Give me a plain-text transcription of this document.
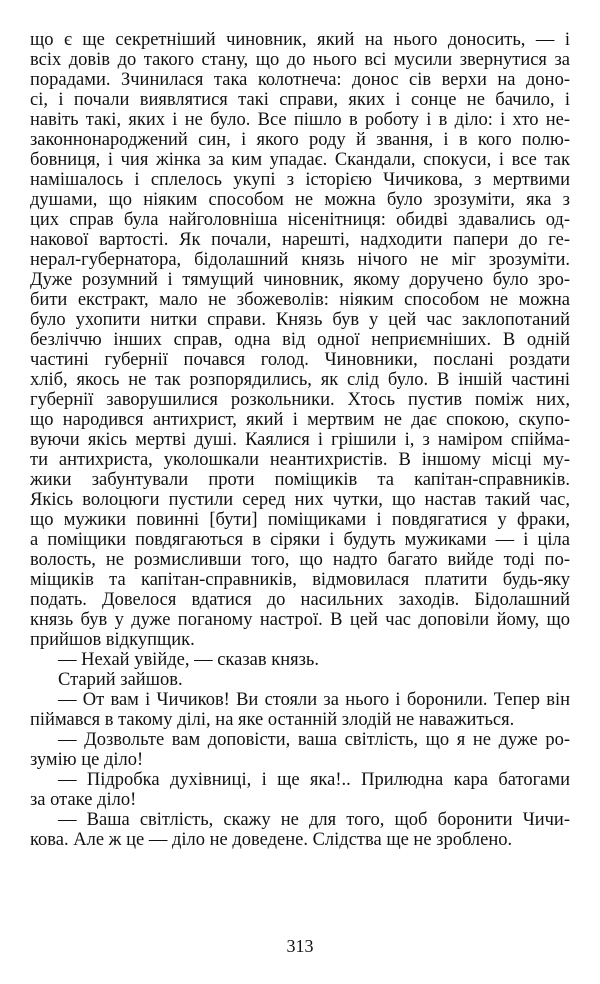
що є ще секретніший чиновник, який на нього доносить, — і
всіх довів до такого стану, що до нього всі мусили звернутися за
порадами. Зчинилася така колотнеча: донос сів верхи на доно-
сі, і почали виявлятися такі справи, яких і сонце не бачило, і
навіть такі, яких і не було. Все пішло в роботу і в діло: і хто не-
законнонароджений син, і якого роду й звання, і в кого полю-
бовниця, і чия жінка за ким упадає. Скандали, спокуси, і все так
намішалось і сплелось укупі з історією Чичикова, з мертвими
душами, що ніяким способом не можна було зрозуміти, яка з
цих справ була найголовніша нісенітниця: обидві здавались од-
накової вартості. Як почали, нарешті, надходити папери до ге-
нерал-губернатора, бідолашний князь нічого не міг зрозуміти.
Дуже розумний і тямущий чиновник, якому доручено було зро-
бити екстракт, мало не збожеволів: ніяким способом не можна
було ухопити нитки справи. Князь був у цей час заклопотаний
безліччю інших справ, одна від одної неприємніших. В одній
частині губернії почався голод. Чиновники, послані роздати
хліб, якось не так розпорядились, як слід було. В іншій частині
губернії заворушилися розкольники. Хтось пустив поміж них,
що народився антихрист, який і мертвим не дає спокою, скупо-
вуючи якісь мертві душі. Каялися і грішили і, з наміром спійма-
ти антихриста, уколошкали неантихристів. В іншому місці му-
жики забунтували проти поміщиків та капітан-справників.
Якісь волоцюги пустили серед них чутки, що настав такий час,
що мужики повинні [бути] поміщиками і повдягатися у фраки,
а поміщики повдягаються в сіряки і будуть мужиками — і ціла
волость, не розмисливши того, що надто багато вийде тоді по-
міщиків та капітан-справників, відмовилася платити будь-яку
подать. Довелося вдатися до насильних заходів. Бідолашний
князь був у дуже поганому настрої. В цей час доповіли йому, що
прийшов відкупщик.
— Нехай увійде, — сказав князь.
Старий зайшов.
— От вам і Чичиков! Ви стояли за нього і боронили. Тепер він
піймався в такому ділі, на яке останній злодій не наважиться.
— Дозвольте вам доповісти, ваша світлість, що я не дуже ро-
зумію це діло!
— Підробка духівниці, і ще яка!.. Прилюдна кара батогами
за отаке діло!
— Ваша світлість, скажу не для того, щоб боронити Чичи-
кова. Але ж це — діло не доведене. Слідства ще не зроблено.
313
